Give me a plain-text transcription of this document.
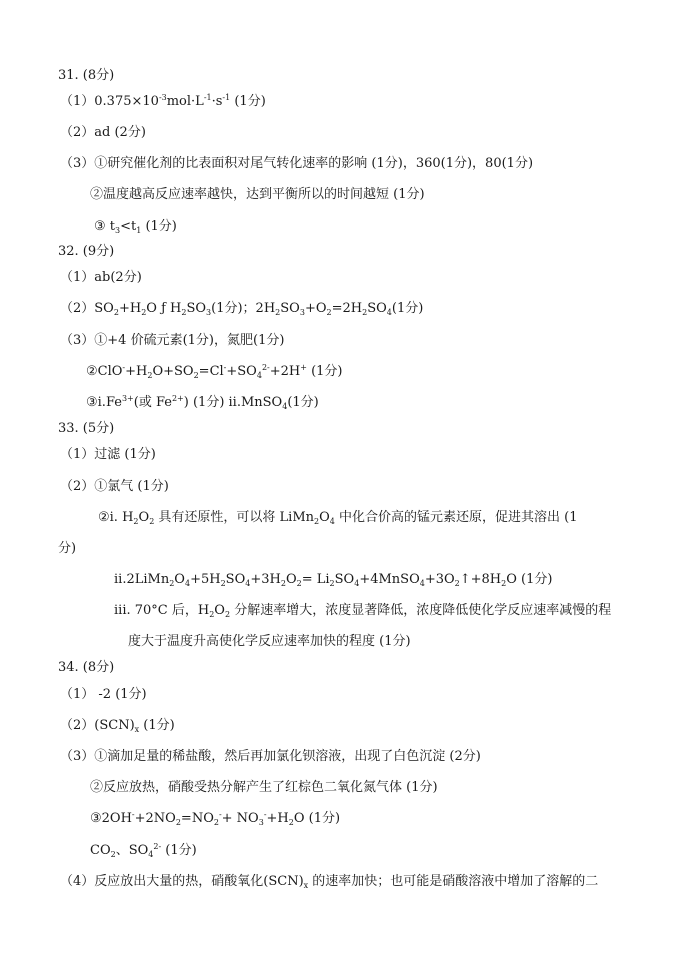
31. (8分)
$(1)0.375\times 10^{-3}mol\cdot L^{-1}\cdot s^{-1}$ (1分)
（2）ad (2分)
（3）①研究催化剂的比表面积对尾气转化速率的影响 (1分)，360(1分)，80(1分)
②温度越高反应速率越快，达到平衡所以的时间越短 (1分)
③ $t_3<t_1$ (1分)
32. (9分)
（1）ab(2分)
$(2)SO_2+H_2O$ ƒ $H_2SO_3(1$分)；$2H_2SO_3+O_2=2H_2SO_4(1$分)
（3）①+4 价硫元素(1分)，氮肥(1分)
$②ClO^-+H_2O+SO_2=Cl^-+SO_4^{2-}+2H^+$ (1分)
$③i.Fe^{3+}$(或 $Fe^{2+}$) (1分) ii.MnSO$_4$(1分)
33. (5分)
（1）过滤 (1分)
（2）①氯气 (1分)
②i. $H_2O_2$ 具有还原性，可以将 $LiMn_2O_4$ 中化合价高的锰元素还原，促进其溶出 (1
分)
$ii.2LiMn_2O_4+5H_2SO_4+3H_2O_2=$ $Li_2SO_4+4MnSO_4+3O_2↑+8H_2O$ (1分)
iii. 70°C 后，$H_2O_2$ 分解速率增大，浓度显著降低，浓度降低使化学反应速率减慢的程
度大于温度升高使化学反应速率加快的程度 (1分)
34. (8分)
（1） -2 (1分)
$(2)(SCN)_x$ (1分)
（3）①滴加足量的稀盐酸，然后再加氯化钡溶液，出现了白色沉淀 (2分)
②反应放热，硝酸受热分解产生了红棕色二氧化氮气体 (1分)
$③2OH^-+2NO_2=NO_2^-+ NO_3^-+H_2O$ (1分)
$CO_2$、$SO_4^{2-}$ (1分)
（4）反应放出大量的热，硝酸氧化$(SCN)_x$ 的速率加快；也可能是硝酸溶液中增加了溶解的二
